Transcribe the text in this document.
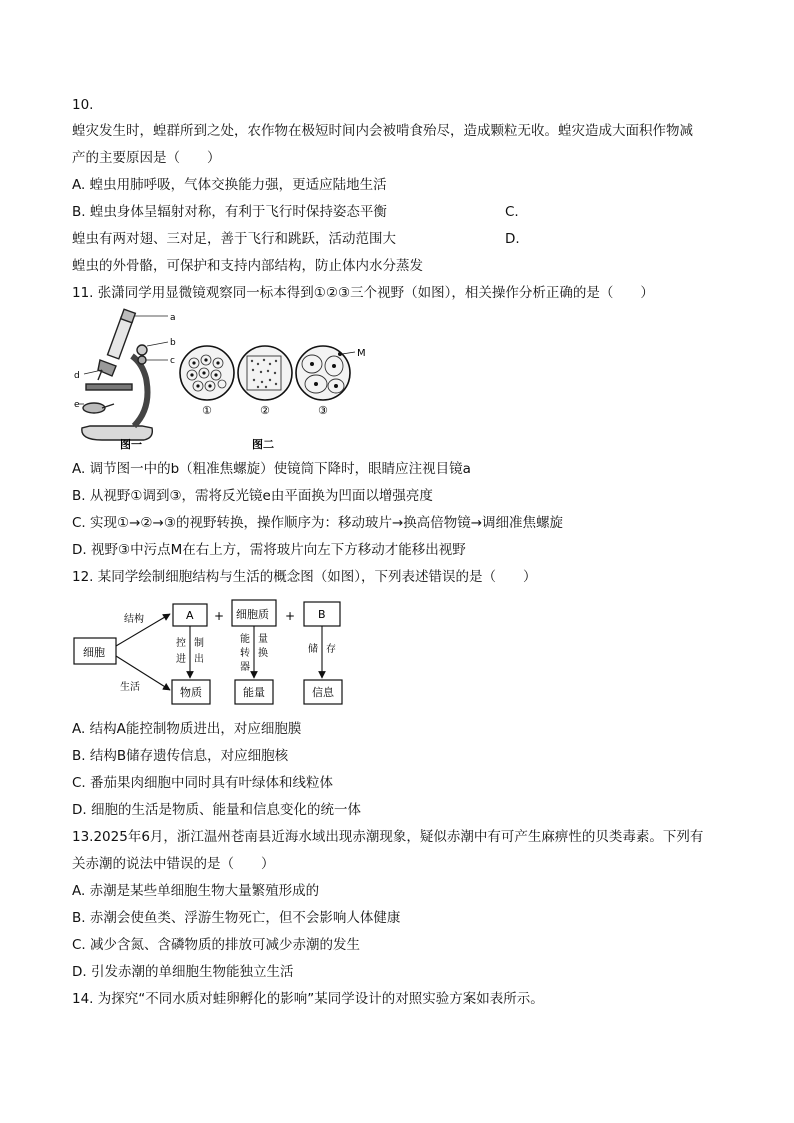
10.
蝗灾发生时，蝗群所到之处，农作物在极短时间内会被啃食殆尽，造成颗粒无收。蝗灾造成大面积作物减
产的主要原因是（　　）
A. 蝗虫用肺呼吸，气体交换能力强，更适应陆地生活
B. 蝗虫身体呈辐射对称，有利于飞行时保持姿态平衡	C.
蝗虫有两对翅、三对足，善于飞行和跳跃，活动范围大	D.
蝗虫的外骨骼，可保护和支持内部结构，防止体内水分蒸发
11. 张潇同学用显微镜观察同一标本得到①②③三个视野（如图），相关操作分析正确的是（　　）
a
b
c
d
e	①	②
M
③
图一	图二
A. 调节图一中的b（粗准焦螺旋）使镜筒下降时，眼睛应注视目镜a
B. 从视野①调到③，需将反光镜e由平面换为凹面以增强亮度
C. 实现①→②→③的视野转换，操作顺序为：移动玻片→换高倍物镜→调细准焦螺旋
D. 视野③中污点M在右上方，需将玻片向左下方移动才能移出视野
12. 某同学绘制细胞结构与生活的概念图（如图），下列表述错误的是（　　）
细胞
结构
生活
A + 细胞质 + B
控 制
进 出
能 量
转 换
器
储 存
物质	能量	信息
A. 结构A能控制物质进出，对应细胞膜
B. 结构B储存遗传信息，对应细胞核
C. 番茄果肉细胞中同时具有叶绿体和线粒体
D. 细胞的生活是物质、能量和信息变化的统一体
13.2025年6月，浙江温州苍南县近海水域出现赤潮现象，疑似赤潮中有可产生麻痹性的贝类毒素。下列有
关赤潮的说法中错误的是（　　）
A. 赤潮是某些单细胞生物大量繁殖形成的
B. 赤潮会使鱼类、浮游生物死亡，但不会影响人体健康
C. 减少含氮、含磷物质的排放可减少赤潮的发生
D. 引发赤潮的单细胞生物能独立生活
14. 为探究“不同水质对蛙卵孵化的影响”某同学设计的对照实验方案如表所示。
